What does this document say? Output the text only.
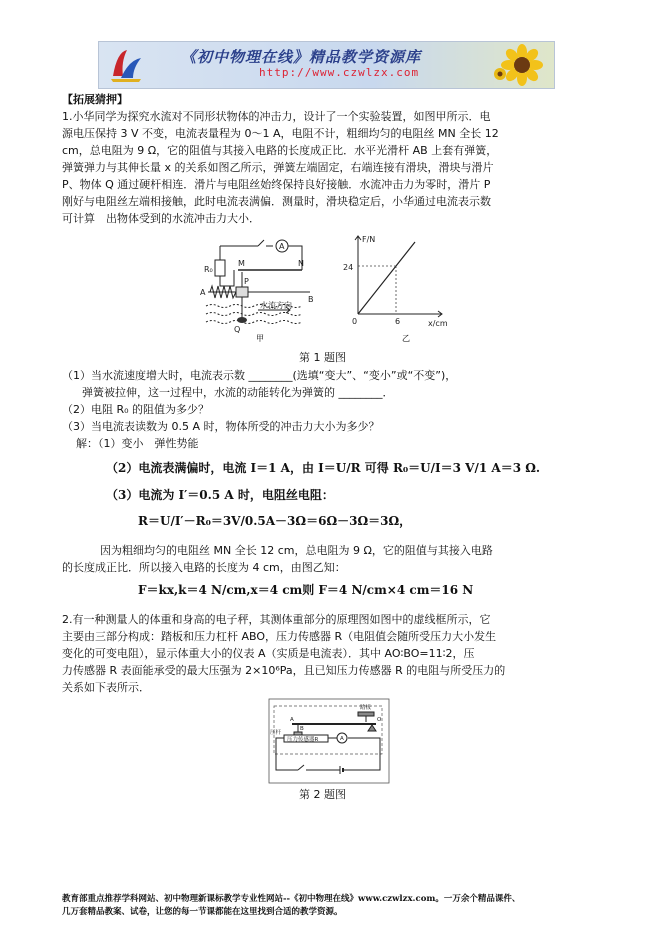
《初中物理在线》精品教学资源库
http://www.czwlzx.com
【拓展猜押】
1.小华同学为探究水流对不同形状物体的冲击力，设计了一个实验装置，如图甲所示．电
源电压保持 3 V 不变，电流表量程为 0～1 A，电阻不计，粗细均匀的电阻丝 MN 全长 12
cm，总电阻为 9 Ω，它的阻值与其接入电路的长度成正比．水平光滑杆 AB 上套有弹簧，
弹簧弹力与其伸长量 x 的关系如图乙所示，弹簧左端固定，右端连接有滑块，滑块与滑片
P、物体 Q 通过硬杆相连．滑片与电阻丝始终保持良好接触．水流冲击力为零时，滑片 P
刚好与电阻丝左端相接触，此时电流表满偏．测量时，滑块稳定后，小华通过电流表示数
可计算　出物体受到的水流冲击力大小．
A
R₀
M	N
P
A
B
Q
水流方向
甲
F/N
x/cm
24
6
0
乙
第 1 题图
（1）当水流速度增大时，电流表示数 ________(选填“变大”、“变小”或“不变”)，
弹簧被拉伸，这一过程中，水流的动能转化为弹簧的 ________．
（2）电阻 R₀ 的阻值为多少？
（3）当电流表读数为 0.5 A 时，物体所受的冲击力大小为多少？
解：（1）变小　弹性势能
（2）电流表满偏时，电流 I＝1 A，由 I＝U/R 可得 R₀＝U/I＝3 V/1 A＝3 Ω.
（3）电流为 I′＝0.5 A 时，电阻丝电阻：
R＝U/I′－R₀＝3V/0.5A－3Ω＝6Ω－3Ω＝3Ω，
因为粗细均匀的电阻丝 MN 全长 12 cm，总电阻为 9 Ω，它的阻值与其接入电路
的长度成正比．所以接入电路的长度为 4 cm，由图乙知：
F＝kx,k＝4 N/cm,x＝4 cm则 F＝4 N/cm×4 cm＝16 N
2.有一种测量人的体重和身高的电子秤，其测体重部分的原理图如图中的虚线框所示，它
主要由三部分构成：踏板和压力杠杆 ABO，压力传感器 R（电阻值会随所受压力大小发生
变化的可变电阻），显示体重大小的仪表 A（实质是电流表）．其中 AO∶BO=11∶2，压
力传感器 R 表面能承受的最大压强为 2×10⁶Pa，且已知压力传感器 R 的电阻与所受压力的
关系如下表所示．
踏板
A
B
O
压杆
压力传感器R	A
第 2 题图
教育部重点推荐学科网站、初中物理新课标教学专业性网站--《初中物理在线》www.czwlzx.com。一万余个精品课件、
几万套精品教案、试卷，让您的每一节课都能在这里找到合适的教学资源。
